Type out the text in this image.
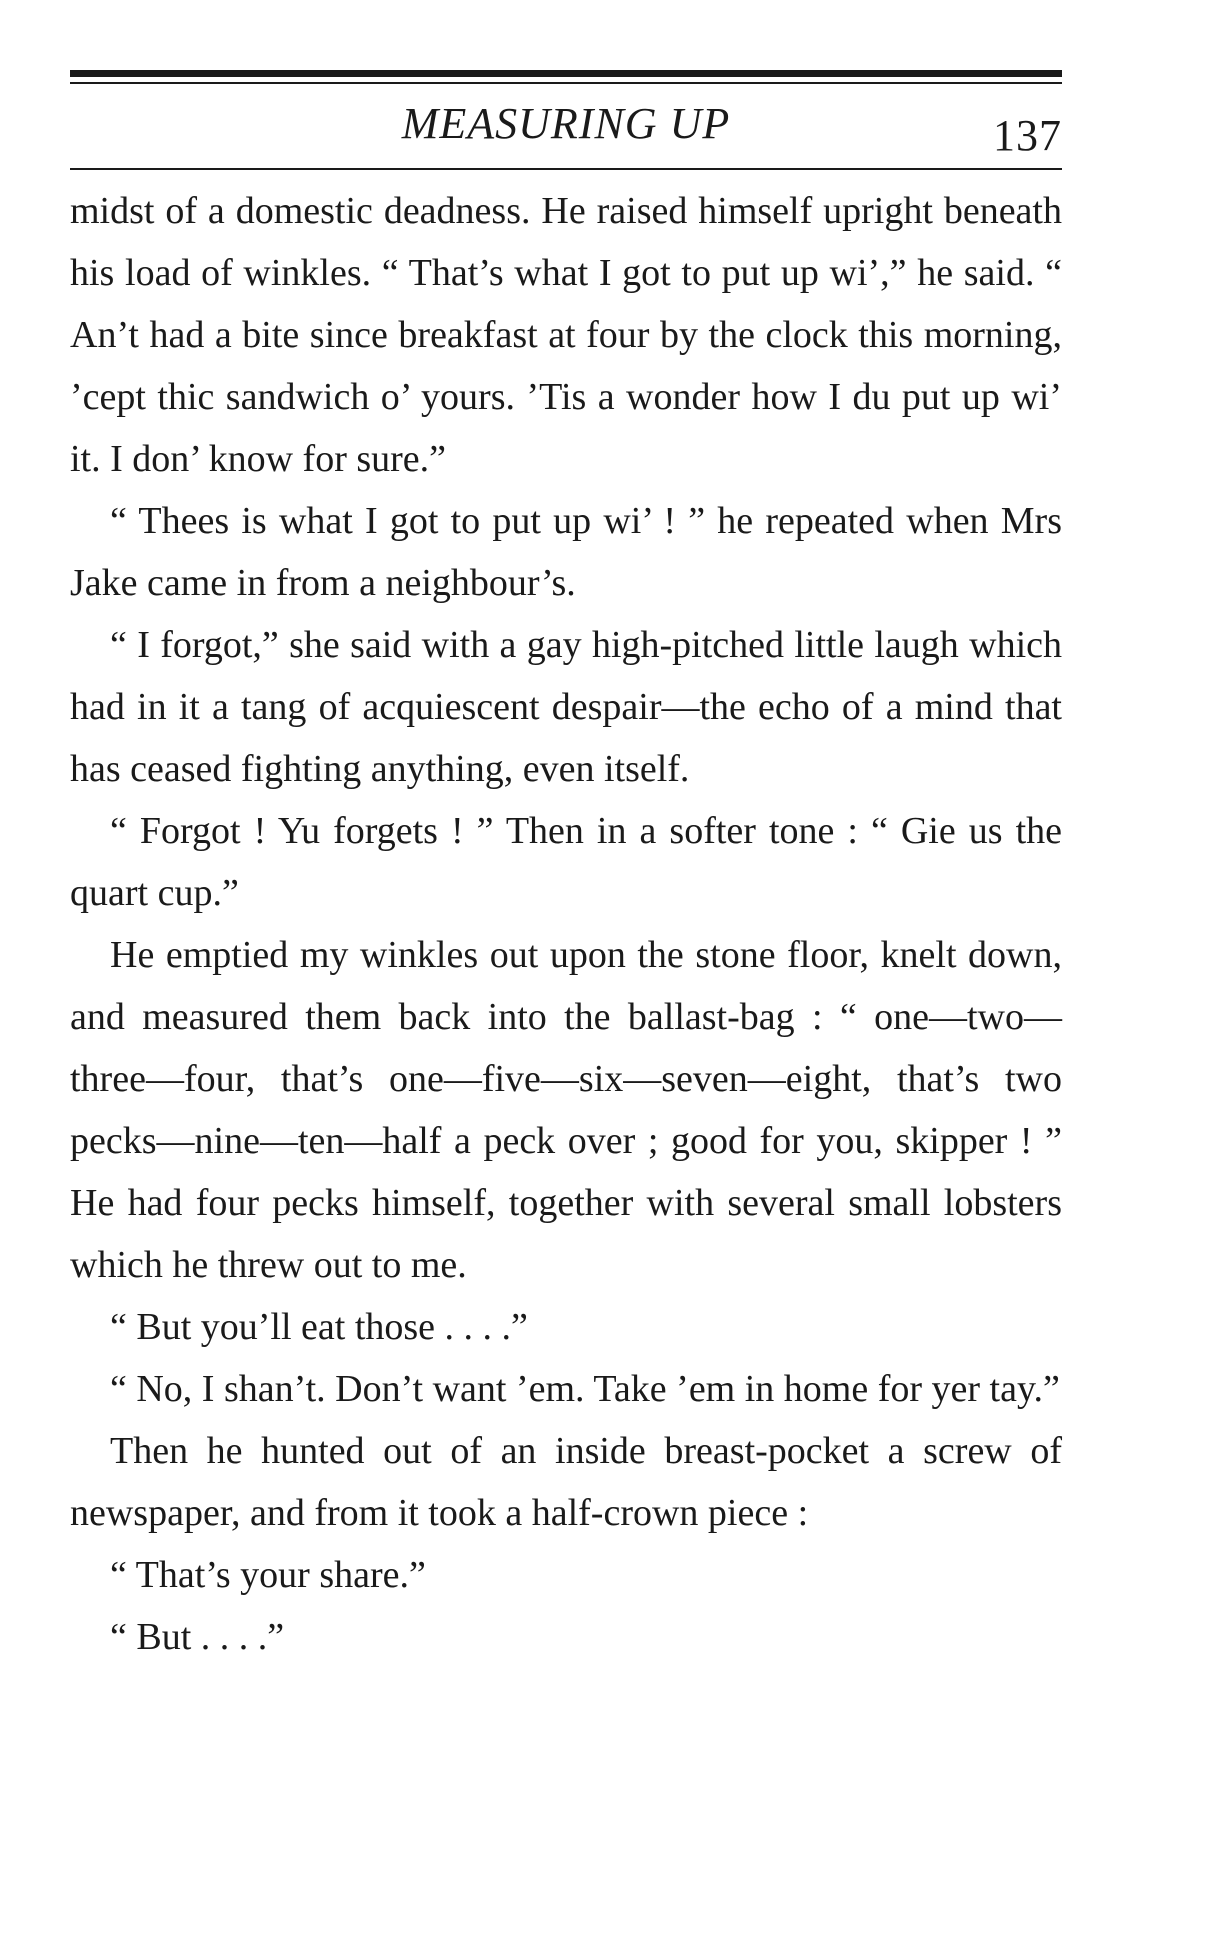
MEASURING UP	137

midst of a domestic deadness. He raised himself upright beneath his load of winkles. “ That’s what I got to put up wi’,” he said. “ An’t had a bite since breakfast at four by the clock this morning, ’cept thic sandwich o’ yours. ’Tis a wonder how I du put up wi’ it. I don’ know for sure.”

“ Thees is what I got to put up wi’ ! ” he repeated when Mrs Jake came in from a neighbour’s.

“ I forgot,” she said with a gay high-pitched little laugh which had in it a tang of acquiescent despair—the echo of a mind that has ceased fighting anything, even itself.

“ Forgot ! Yu forgets ! ” Then in a softer tone : “ Gie us the quart cup.”

He emptied my winkles out upon the stone floor, knelt down, and measured them back into the ballast-bag : “ one—two—three—four, that’s one—five—six—seven—eight, that’s two pecks—nine—ten—half a peck over ; good for you, skipper ! ” He had four pecks himself, together with several small lobsters which he threw out to me.

“ But you’ll eat those . . . .”

“ No, I shan’t. Don’t want ’em. Take ’em in home for yer tay.”

Then he hunted out of an inside breast-pocket a screw of newspaper, and from it took a half-crown piece :

“ That’s your share.”

“ But . . . .”
